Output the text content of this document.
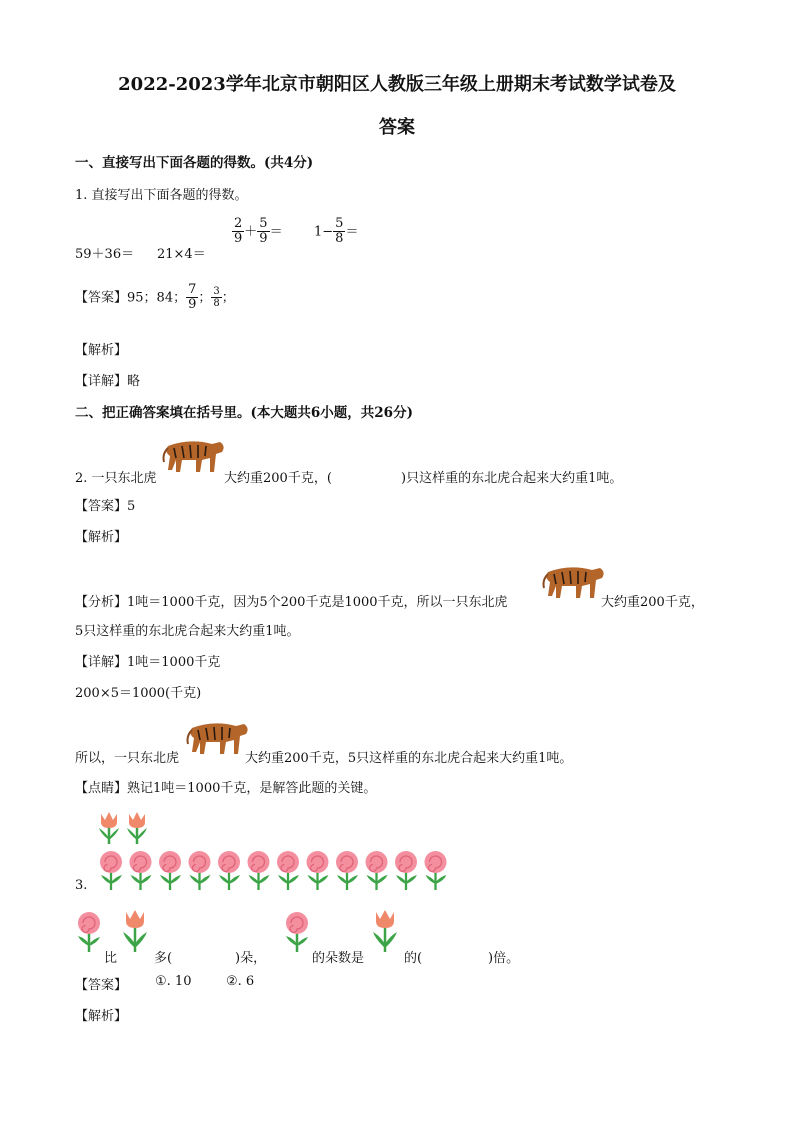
2022-2023学年北京市朝阳区人教版三年级上册期末考试数学试卷及
答案
一、直接写出下面各题的得数。(共4分)
1. 直接写出下面各题的得数。
59＋36＝ 21×4＝
$\frac{2}{9} + \frac{5}{9} = 1- \frac{5}{8}$ ＝
【答案】95；84； $\frac{7}{9}$ ； $\frac{3}{8}$ ；
【解析】
【详解】略
二、把正确答案填在括号里。(本大题共6小题，共26分)
2. 一只东北虎	大约重200千克，(	)只这样重的东北虎合起来大约重1吨。
【答案】5
【解析】
【分析】1吨＝1000千克，因为5个200千克是1000千克，所以一只东北虎	大约重200千克，
5只这样重的东北虎合起来大约重1吨。
【详解】1吨＝1000千克
200×5＝1000(千克)
所以，一只东北虎	大约重200千克，5只这样重的东北虎合起来大约重1吨。
【点睛】熟记1吨＝1000千克，是解答此题的关键。
3.
比	多(	)朵，	的朵数是	的(	)倍。
【答案】 ①. 10	②. 6
【解析】
